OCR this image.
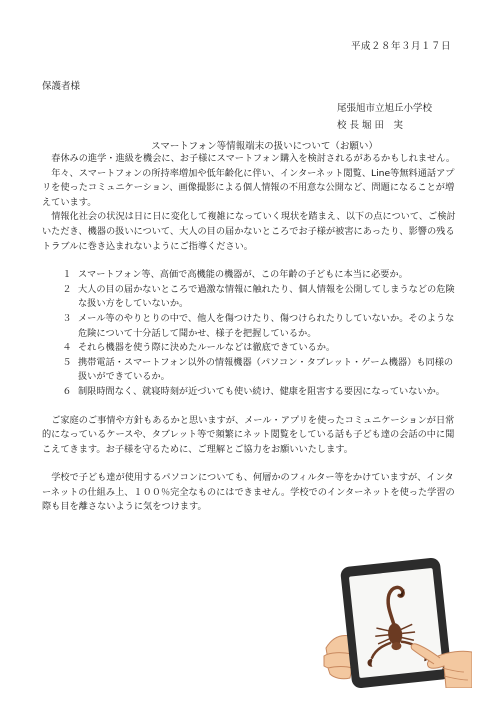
平成２８年３月１７日
保護者様
尾張旭市立旭丘小学校
校 長 堀 田　実
スマートフォン等情報端末の扱いについて（お願い）

春休みの進学・進級を機会に、お子様にスマートフォン購入を検討されるがあるかもしれません。

年々、スマートフォンの所持率増加や低年齢化に伴い、インターネット閲覧、Line等無料通話アプリを使ったコミュニケーション、画像撮影による個人情報の不用意な公開など、問題になることが増えています。

情報化社会の状況は日に日に変化して複雑になっていく現状を踏まえ、以下の点について、ご検討いただき、機器の扱いについて、大人の目の届かないところでお子様が被害にあったり、影響の残るトラブルに巻き込まれないようにご指導ください。

１ スマートフォン等、高価で高機能の機器が、この年齢の子どもに本当に必要か。
２ 大人の目の届かないところで過激な情報に触れたり、個人情報を公開してしまうなどの危険な扱い方をしていないか。
３ メール等のやりとりの中で、他人を傷つけたり、傷つけられたりしていないか。そのような危険について十分話して聞かせ、様子を把握しているか。
４ それら機器を使う際に決めたルールなどは徹底できているか。
５ 携帯電話・スマートフォン以外の情報機器（パソコン・タブレット・ゲーム機器）も同様の扱いができているか。
６ 制限時間なく、就寝時刻が近づいても使い続け、健康を阻害する要因になっていないか。

ご家庭のご事情や方針もあるかと思いますが、メール・アプリを使ったコミュニケーションが日常的になっているケースや、タブレット等で頻繁にネット閲覧をしている話も子ども達の会話の中に聞こえてきます。お子様を守るために、ご理解とご協力をお願いいたします。

学校で子ども達が使用するパソコンについても、何層かのフィルター等をかけていますが、インターネットの仕組み上、１００％完全なものにはできません。学校でのインターネットを使った学習の際も目を離さないように気をつけます。
